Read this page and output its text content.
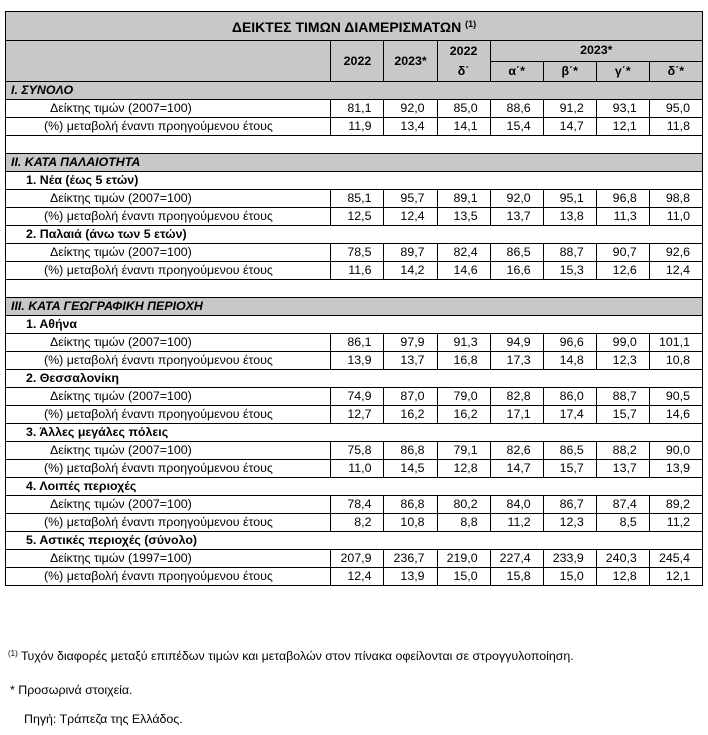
ΔΕΙΚΤΕΣ ΤΙΜΩΝ ΔΙΑΜΕΡΙΣΜΑΤΩΝ $^{(1)}$
	2022	2023*	2022	2023*			
			δ΄	α΄*	β΄*	γ΄*	δ΄*
I. ΣΥΝΟΛΟ							
Δείκτης τιμών (2007=100)	81,1	92,0	85,0	88,6	91,2	93,1	95,0
(%) μεταβολή έναντι προηγούμενου έτους	11,9	13,4	14,1	15,4	14,7	12,1	11,8

II. ΚΑΤΑ ΠΑΛΑΙΟΤΗΤΑ							
1. Νέα (έως 5 ετών)							
Δείκτης τιμών (2007=100)	85,1	95,7	89,1	92,0	95,1	96,8	98,8
(%) μεταβολή έναντι προηγούμενου έτους	12,5	12,4	13,5	13,7	13,8	11,3	11,0
2. Παλαιά (άνω των 5 ετών)							
Δείκτης τιμών (2007=100)	78,5	89,7	82,4	86,5	88,7	90,7	92,6
(%) μεταβολή έναντι προηγούμενου έτους	11,6	14,2	14,6	16,6	15,3	12,6	12,4

III. ΚΑΤΑ ΓΕΩΓΡΑΦΙΚΗ ΠΕΡΙΟΧΗ							
1. Αθήνα							
Δείκτης τιμών (2007=100)	86,1	97,9	91,3	94,9	96,6	99,0	101,1
(%) μεταβολή έναντι προηγούμενου έτους	13,9	13,7	16,8	17,3	14,8	12,3	10,8
2. Θεσσαλονίκη							
Δείκτης τιμών (2007=100)	74,9	87,0	79,0	82,8	86,0	88,7	90,5
(%) μεταβολή έναντι προηγούμενου έτους	12,7	16,2	16,2	17,1	17,4	15,7	14,6
3. Άλλες μεγάλες πόλεις							
Δείκτης τιμών (2007=100)	75,8	86,8	79,1	82,6	86,5	88,2	90,0
(%) μεταβολή έναντι προηγούμενου έτους	11,0	14,5	12,8	14,7	15,7	13,7	13,9
4. Λοιπές περιοχές							
Δείκτης τιμών (2007=100)	78,4	86,8	80,2	84,0	86,7	87,4	89,2
(%) μεταβολή έναντι προηγούμενου έτους	8,2	10,8	8,8	11,2	12,3	8,5	11,2
5. Αστικές περιοχές (σύνολο)							
Δείκτης τιμών (1997=100)	207,9	236,7	219,0	227,4	233,9	240,3	245,4
(%) μεταβολή έναντι προηγούμενου έτους	12,4	13,9	15,0	15,8	15,0	12,8	12,1
$^{(1)}$ Τυχόν διαφορές μεταξύ επιπέδων τιμών και μεταβολών στον πίνακα οφείλονται σε στρογγυλοποίηση.
* Προσωρινά στοιχεία.
Πηγή: Τράπεζα της Ελλάδος.
